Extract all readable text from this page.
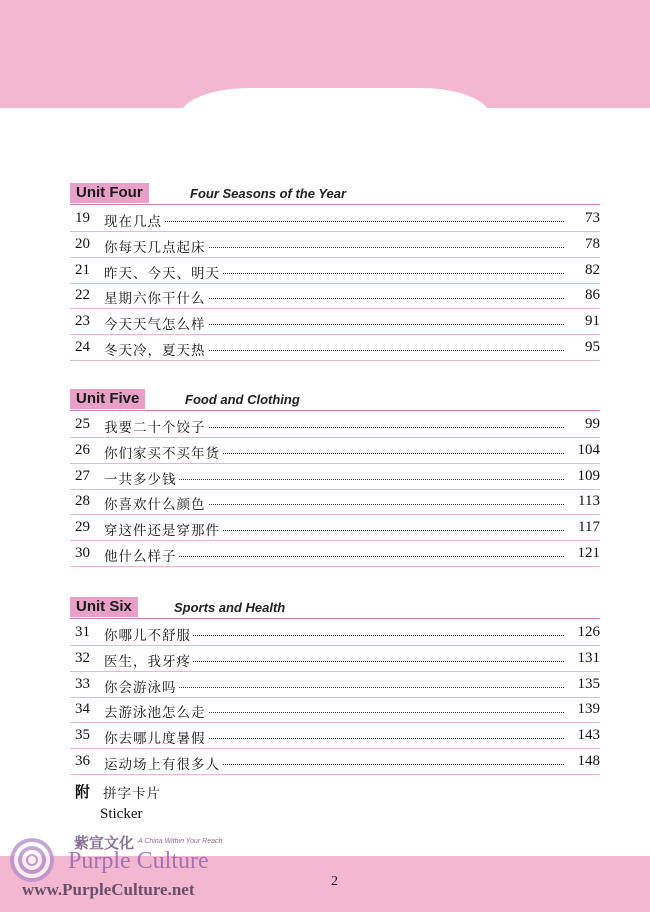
Unit Four	Four Seasons of the Year
19	现在几点	73
20	你每天几点起床	78
21	昨天、今天、明天	82
22	星期六你干什么	86
23	今天天气怎么样	91
24	冬天冷，夏天热	95
Unit Five	Food and Clothing
25	我要二十个饺子	99
26	你们家买不买年货	104
27	一共多少钱	109
28	你喜欢什么颜色	113
29	穿这件还是穿那件	117
30	他什么样子	121
Unit Six	Sports and Health
31	你哪儿不舒服	126
32	医生，我牙疼	131
33	你会游泳吗	135
34	去游泳池怎么走	139
35	你去哪儿度暑假	143
36	运动场上有很多人	148
附 拼字卡片
Sticker
2
紫宣文化 A China Within Your Reach
Purple Culture
www.PurpleCulture.net
